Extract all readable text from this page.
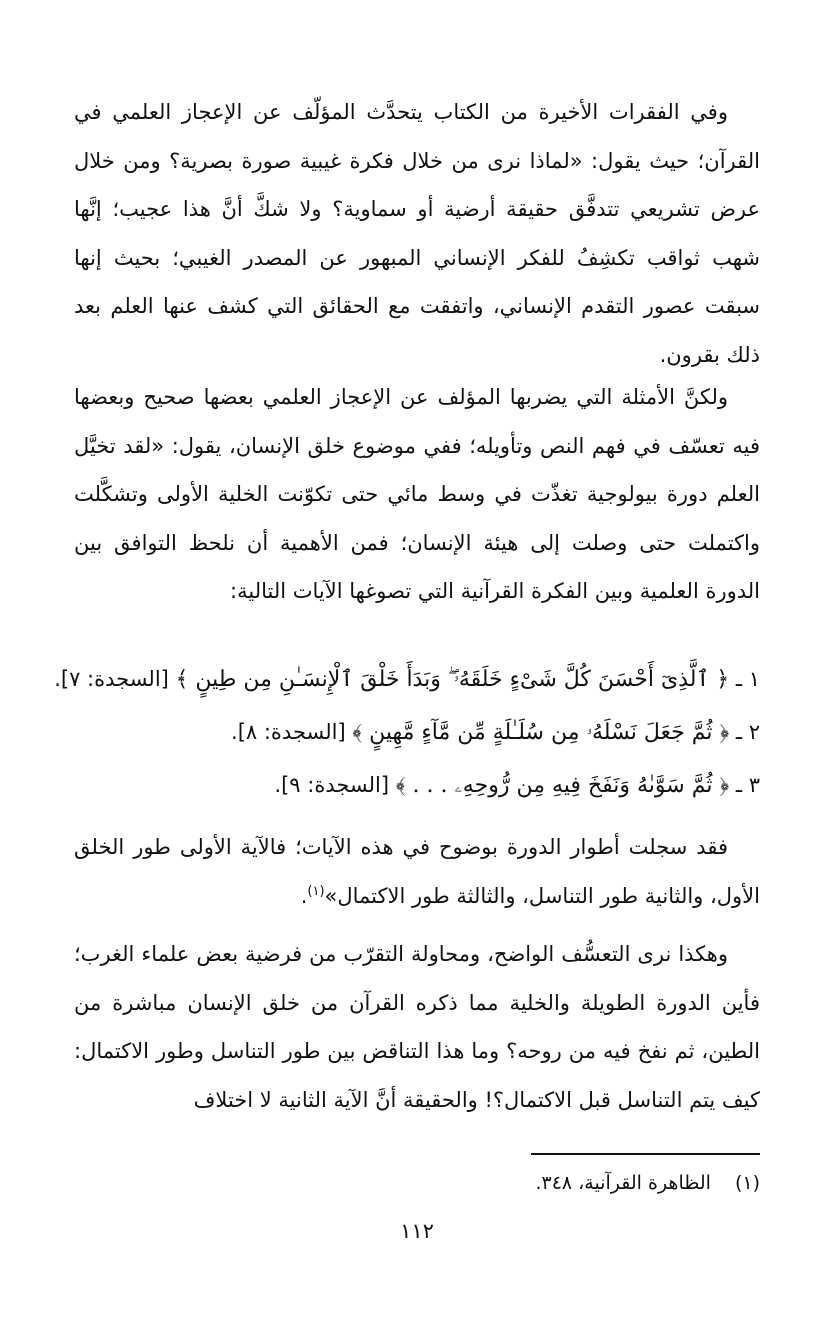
وفي الفقرات الأخيرة من الكتاب يتحدَّث المؤلّف عن الإعجاز العلمي في القرآن؛ حيث يقول: «لماذا نرى من خلال فكرة غيبية صورة بصرية؟ ومن خلال عرض تشريعي تتدفَّق حقيقة أرضية أو سماوية؟ ولا شكَّ أنَّ هذا عجيب؛ إنَّها شهب ثواقب تكشِفُ للفكر الإنساني المبهور عن المصدر الغيبي؛ بحيث إنها سبقت عصور التقدم الإنساني، واتفقت مع الحقائق التي كشف عنها العلم بعد ذلك بقرون.

ولكنَّ الأمثلة التي يضربها المؤلف عن الإعجاز العلمي بعضها صحيح وبعضها فيه تعسّف في فهم النص وتأويله؛ ففي موضوع خلق الإنسان، يقول: «لقد تخيَّل العلم دورة بيولوجية تغذّت في وسط مائي حتى تكوّنت الخلية الأولى وتشكَّلت واكتملت حتى وصلت إلى هيئة الإنسان؛ فمن الأهمية أن نلحظ التوافق بين الدورة العلمية وبين الفكرة القرآنية التي تصوغها الآيات التالية:

١ ـ ﴿ ٱلَّذِىٓ أَحْسَنَ كُلَّ شَىْءٍ خَلَقَهُۥ ۖ وَبَدَأَ خَلْقَ ٱلْإِنسَـٰنِ مِن طِينٍ ﴾ [السجدة: ٧].
٢ ـ ﴿ ثُمَّ جَعَلَ نَسْلَهُۥ مِن سُلَـٰلَةٍ مِّن مَّآءٍ مَّهِينٍ ﴾ [السجدة: ٨].
٣ ـ ﴿ ثُمَّ سَوَّىٰهُ وَنَفَخَ فِيهِ مِن رُّوحِهِۦ . . . ﴾ [السجدة: ٩].

فقد سجلت أطوار الدورة بوضوح في هذه الآيات؛ فالآية الأولى طور الخلق الأول، والثانية طور التناسل، والثالثة طور الاكتمال»$^{(١)}$.

وهكذا نرى التعسُّف الواضح، ومحاولة التقرّب من فرضية بعض علماء الغرب؛ فأين الدورة الطويلة والخلية مما ذكره القرآن من خلق الإنسان مباشرة من الطين، ثم نفخ فيه من روحه؟ وما هذا التناقض بين طور التناسل وطور الاكتمال: كيف يتم التناسل قبل الاكتمال؟! والحقيقة أنَّ الآية الثانية لا اختلاف

(١) الظاهرة القرآنية، ٣٤٨.
١١٢
